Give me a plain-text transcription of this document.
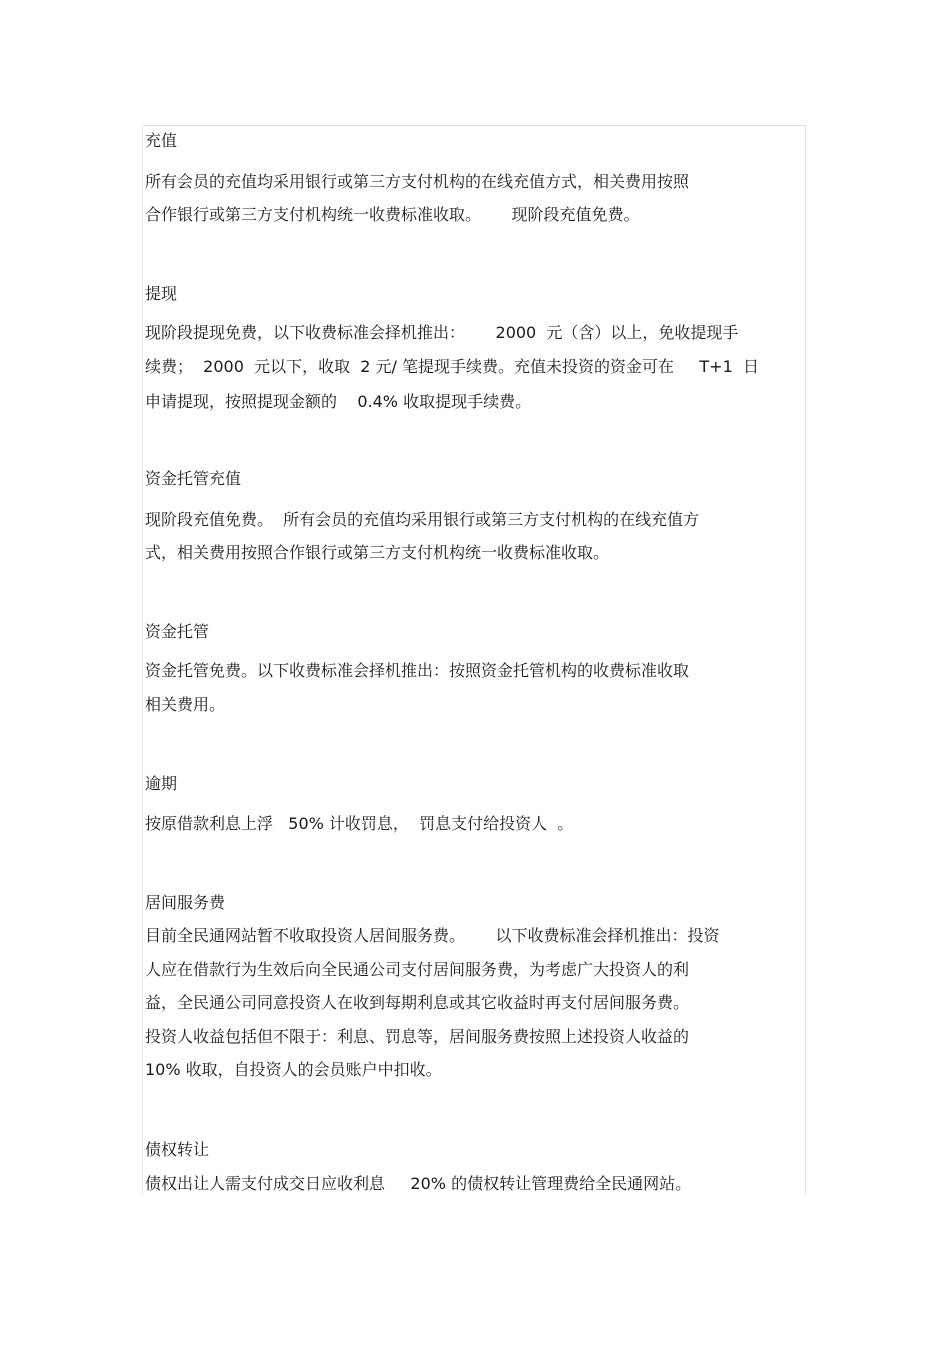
充值
所有会员的充值均采用银行或第三方支付机构的在线充值方式，相关费用按照
合作银行或第三方支付机构统一收费标准收取。      现阶段充值免费。
提现
现阶段提现免费，以下收费标准会择机推出：      2000  元（含）以上，免收提现手
续费；  2000  元以下，收取  2 元/ 笔提现手续费。充值未投资的资金可在     T+1  日
申请提现，按照提现金额的    0.4% 收取提现手续费。
资金托管充值
现阶段充值免费。  所有会员的充值均采用银行或第三方支付机构的在线充值方
式，相关费用按照合作银行或第三方支付机构统一收费标准收取。
资金托管
资金托管免费。以下收费标准会择机推出：按照资金托管机构的收费标准收取
相关费用。
逾期
按原借款利息上浮   50% 计收罚息，  罚息支付给投资人  。
居间服务费
目前全民通网站暂不收取投资人居间服务费。      以下收费标准会择机推出：投资
人应在借款行为生效后向全民通公司支付居间服务费，为考虑广大投资人的利
益，全民通公司同意投资人在收到每期利息或其它收益时再支付居间服务费。
投资人收益包括但不限于：利息、罚息等，居间服务费按照上述投资人收益的
10% 收取，自投资人的会员账户中扣收。
债权转让
债权出让人需支付成交日应收利息     20% 的债权转让管理费给全民通网站。
